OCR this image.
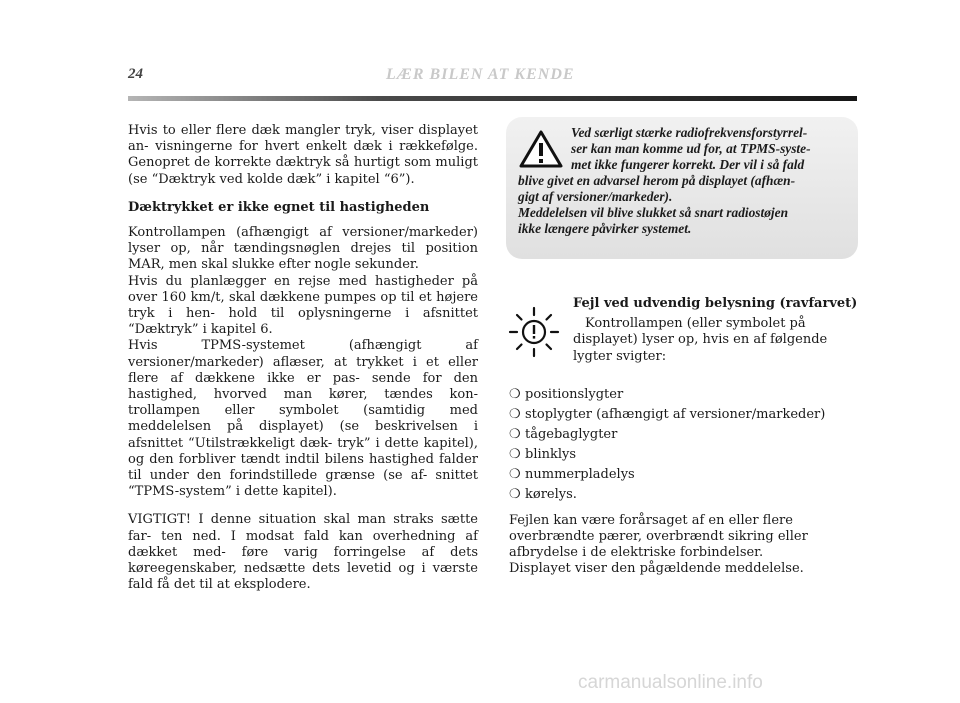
24	LÆR BILEN AT KENDE

Hvis to eller flere dæk mangler tryk, viser displayet an- visningerne for hvert enkelt dæk i rækkefølge. Genopret de korrekte dæktryk så hurtigt som muligt (se “Dæktryk ved kolde dæk” i kapitel “6”).

Dæktrykket er ikke egnet til hastigheden

Kontrollampen (afhængigt af versioner/markeder) lyser op, når tændingsnøglen drejes til position MAR, men skal slukke efter nogle sekunder.

Hvis du planlægger en rejse med hastigheder på over 160 km/t, skal dækkene pumpes op til et højere tryk i hen- hold til oplysningerne i afsnittet “Dæktryk” i kapitel 6.

Hvis TPMS-systemet (afhængigt af versioner/markeder) aflæser, at trykket i et eller flere af dækkene ikke er pas- sende for den hastighed, hvorved man kører, tændes kon- trollampen eller symbolet (samtidig med meddelelsen på displayet) (se beskrivelsen i afsnittet “Utilstrækkeligt dæk- tryk” i dette kapitel), og den forbliver tændt indtil bilens hastighed falder til under den forindstillede grænse (se af- snittet “TPMS-system” i dette kapitel).

VIGTIGT! I denne situation skal man straks sætte far- ten ned. I modsat fald kan overhedning af dækket med- føre varig forringelse af dets køreegenskaber, nedsætte dets levetid og i værste fald få det til at eksplodere.

Ved særligt stærke radiofrekvensforstyrrel-
ser kan man komme ud for, at TPMS-syste-
met ikke fungerer korrekt. Der vil i så fald
blive givet en advarsel herom på displayet (afhæn-
gigt af versioner/markeder).
Meddelelsen vil blive slukket så snart radiostøjen
ikke længere påvirker systemet.

Fejl ved udvendig belysning (ravfarvet)

Kontrollampen (eller symbolet på displayet) lyser op, hvis en af følgende lygter svigter:

❍ positionslygter
❍ stoplygter (afhængigt af versioner/markeder)
❍ tågebaglygter
❍ blinklys
❍ nummerpladelys
❍ kørelys.

Fejlen kan være forårsaget af en eller flere overbrændte pærer, overbrændt sikring eller afbrydelse i de elektriske forbindelser.

Displayet viser den pågældende meddelelse.

carmanualsonline.info
